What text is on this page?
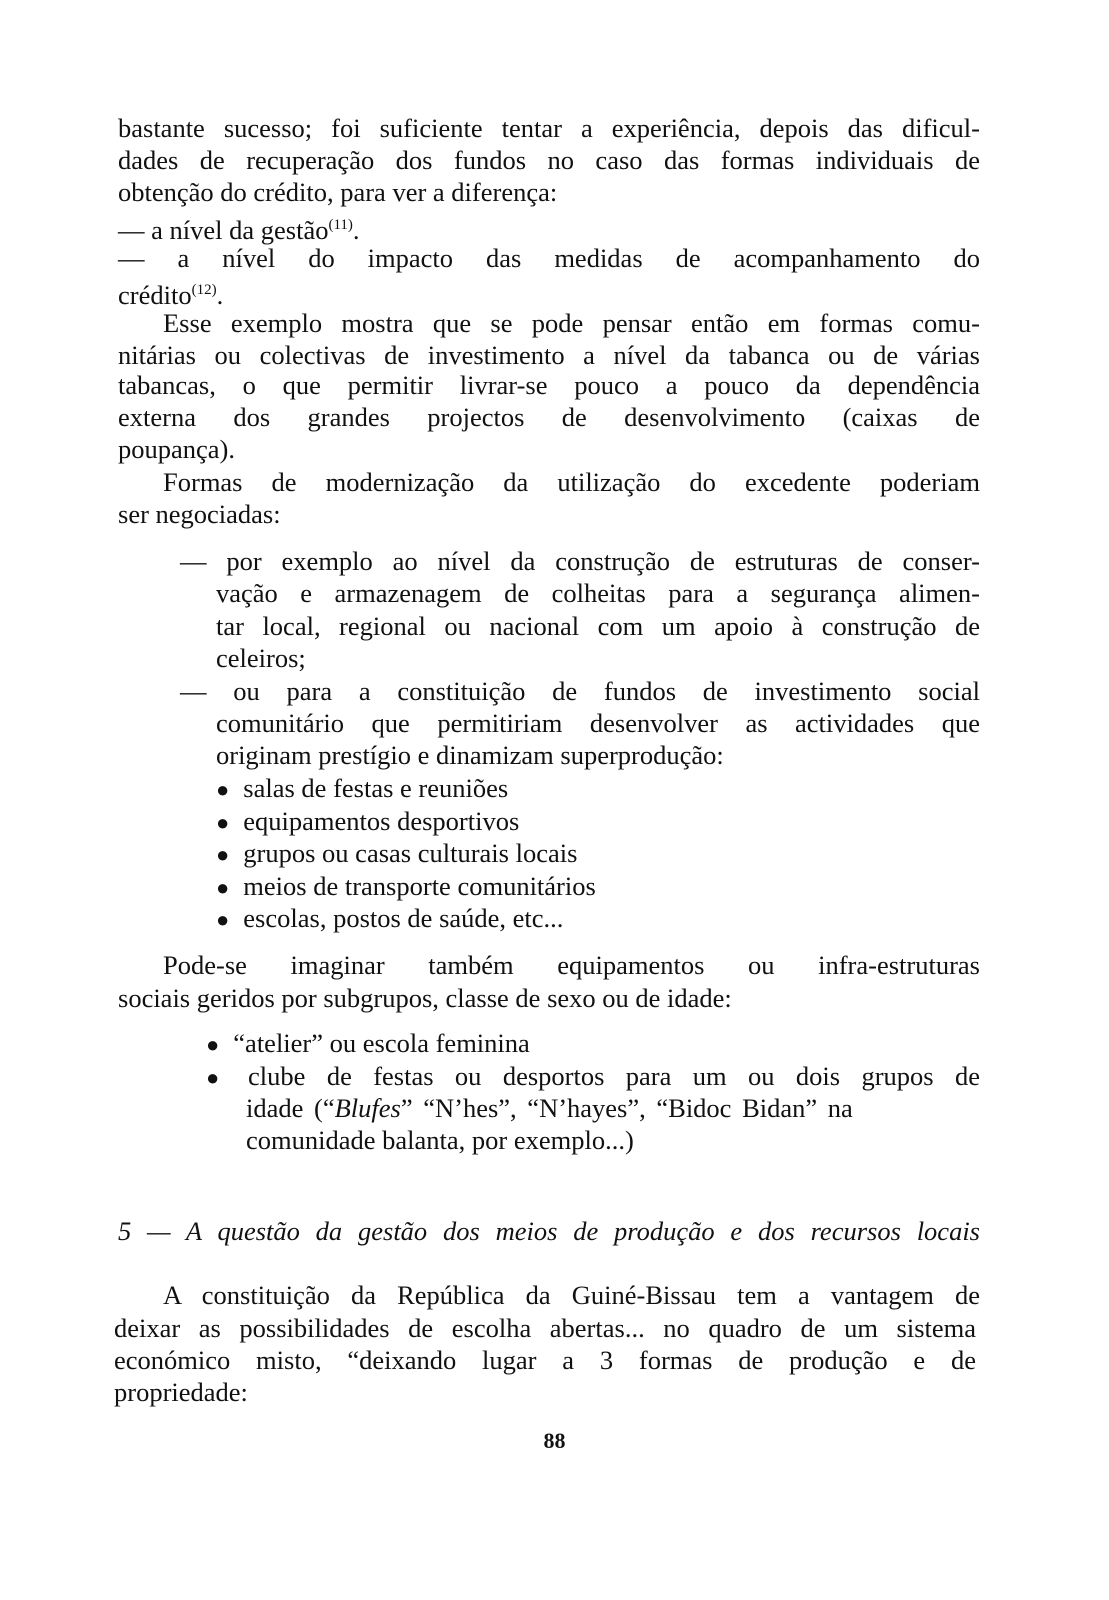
bastante sucesso; foi suficiente tentar a experiência, depois das dificul-
dades de recuperação dos fundos no caso das formas individuais de
obtenção do crédito, para ver a diferença:
— a nível da gestão$^{(11)}$.
— a nível do impacto das medidas de acompanhamento do
crédito$^{(12)}$.
Esse exemplo mostra que se pode pensar então em formas comu-
nitárias ou colectivas de investimento a nível da tabanca ou de várias
tabancas, o que permitir livrar-se pouco a pouco da dependência
externa dos grandes projectos de desenvolvimento (caixas de
poupança).
Formas de modernização da utilização do excedente poderiam
ser negociadas:
— por exemplo ao nível da construção de estruturas de conser-
vação e armazenagem de colheitas para a segurança alimen-
tar local, regional ou nacional com um apoio à construção de
celeiros;
— ou para a constituição de fundos de investimento social
comunitário que permitiriam desenvolver as actividades que
originam prestígio e dinamizam superprodução:
● salas de festas e reuniões
● equipamentos desportivos
● grupos ou casas culturais locais
● meios de transporte comunitários
● escolas, postos de saúde, etc...
Pode-se imaginar também equipamentos ou infra-estruturas
sociais geridos por subgrupos, classe de sexo ou de idade:
● “atelier” ou escola feminina
● clube de festas ou desportos para um ou dois grupos de
idade (“Blufes” “N’hes”, “N’hayes”, “Bidoc Bidan” na
comunidade balanta, por exemplo...)
5 — A questão da gestão dos meios de produção e dos recursos locais
A constituição da República da Guiné-Bissau tem a vantagem de
deixar as possibilidades de escolha abertas... no quadro de um sistema
económico misto, “deixando lugar a 3 formas de produção e de
propriedade:
88
